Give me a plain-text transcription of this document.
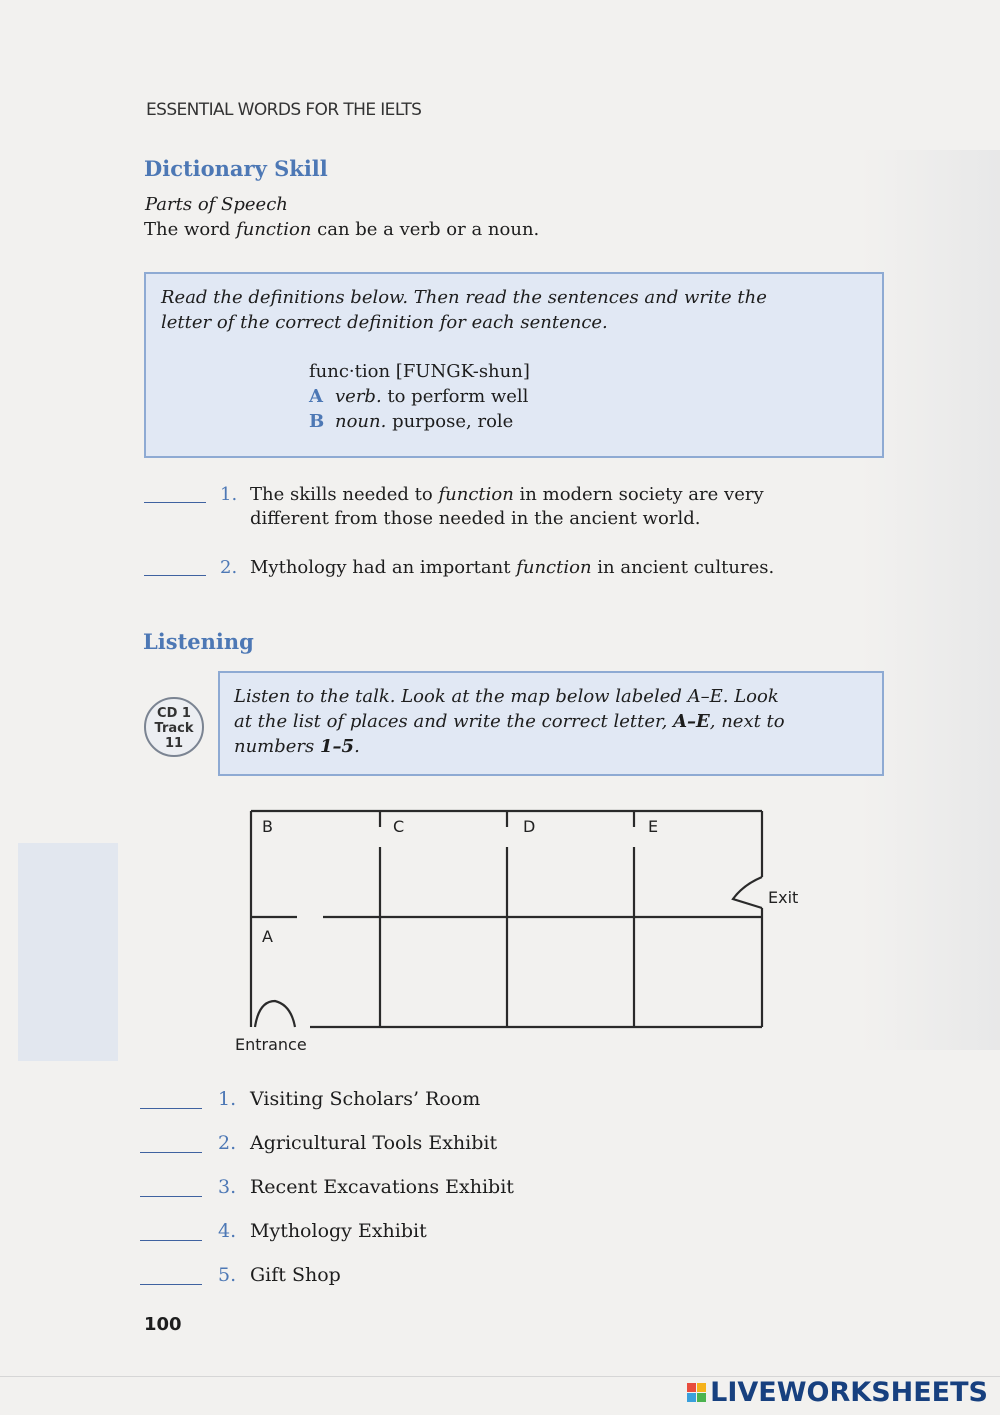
ESSENTIAL WORDS FOR THE IELTS
Dictionary Skill
Parts of Speech
The word function can be a verb or a noun.
Read the definitions below. Then read the sentences and write the
letter of the correct definition for each sentence.
func·tion [FUNGK-shun]
A verb. to perform well
B noun. purpose, role
1. The skills needed to function in modern society are very
different from those needed in the ancient world.
2. Mythology had an important function in ancient cultures.
Listening
CD 1
Track
11
Listen to the talk. Look at the map below labeled A–E. Look
at the list of places and write the correct letter, A–E, next to
numbers 1–5.
B	C	D	E
A
Exit
Entrance
1. Visiting Scholars’ Room
2. Agricultural Tools Exhibit
3. Recent Excavations Exhibit
4. Mythology Exhibit
5. Gift Shop
100
LIVEWORKSHEETS
